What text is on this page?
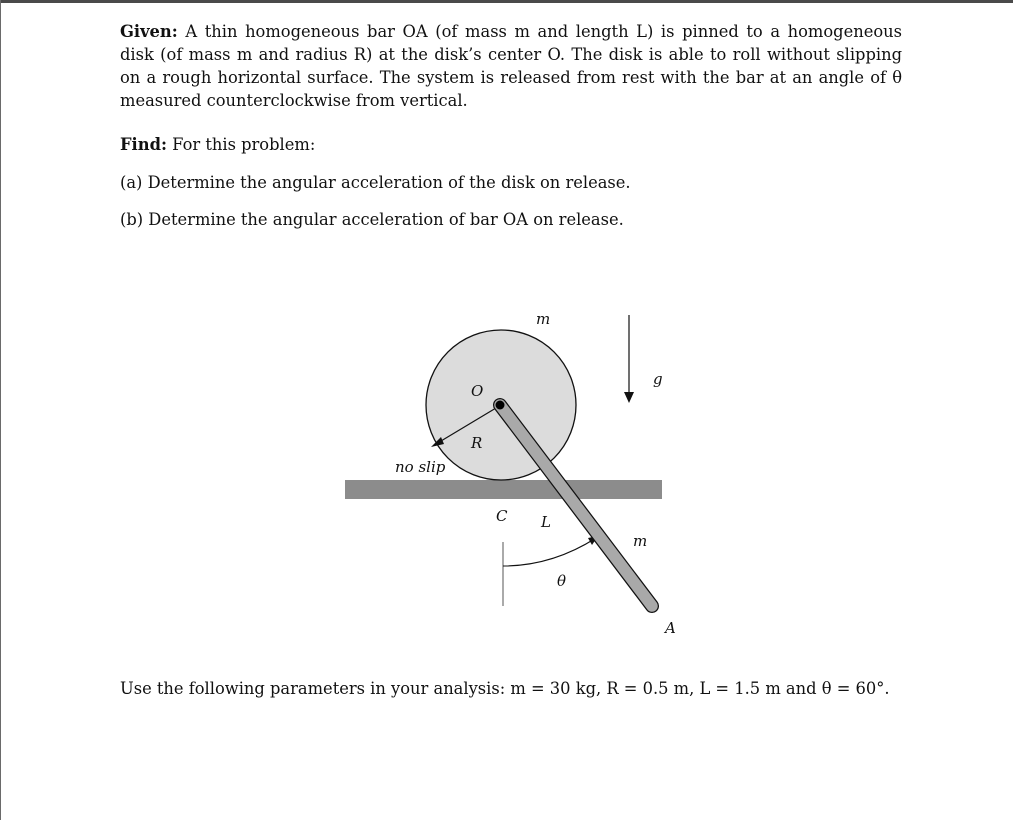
Given: A thin homogeneous bar OA (of mass m and length L) is pinned to a homogeneous disk (of mass m and radius R) at the disk’s center O. The disk is able to roll without slipping on a rough horizontal surface. The system is released from rest with the bar at an angle of θ measured counterclockwise from vertical.

Find: For this problem:
(a) Determine the angular acceleration of the disk on release.
(b) Determine the angular acceleration of bar OA on release.
m
O
R
no slip
g
C L
m
θ
A
Use the following parameters in your analysis: m = 30 kg, R = 0.5 m, L = 1.5 m and θ = 60°.
